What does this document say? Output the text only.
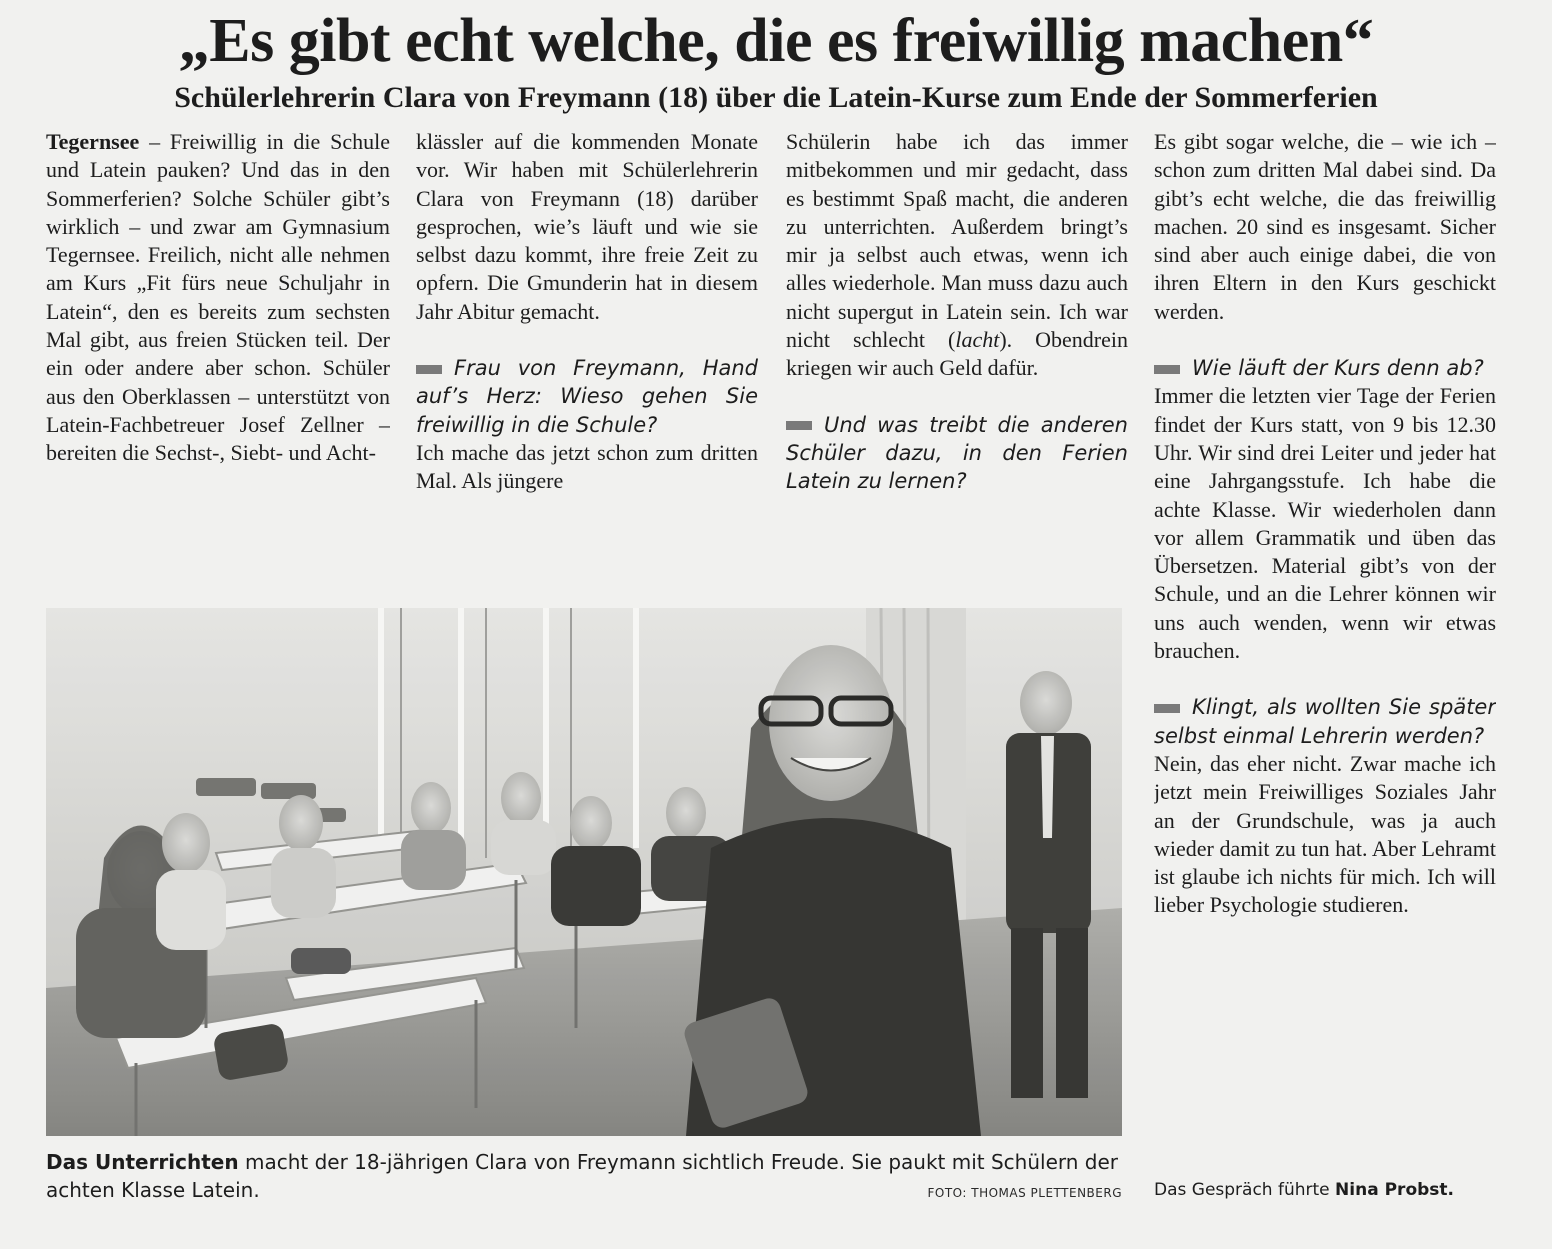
„Es gibt echt welche, die es freiwillig machen“
Schülerlehrerin Clara von Freymann (18) über die Latein-Kurse zum Ende der Sommerferien

Tegernsee – Freiwillig in die Schule und Latein pauken? Und das in den Sommerferien? Solche Schüler gibt’s wirklich – und zwar am Gymnasium Tegernsee. Freilich, nicht alle nehmen am Kurs „Fit fürs neue Schuljahr in Latein“, den es bereits zum sechsten Mal gibt, aus freien Stücken teil. Der ein oder andere aber schon. Schüler aus den Oberklassen – unterstützt von Latein-Fachbetreuer Josef Zellner – bereiten die Sechst-, Siebt- und Acht-

klässler auf die kommenden Monate vor. Wir haben mit Schülerlehrerin Clara von Freymann (18) darüber gesprochen, wie’s läuft und wie sie selbst dazu kommt, ihre freie Zeit zu opfern. Die Gmunderin hat in diesem Jahr Abitur gemacht.

Frau von Freymann, Hand auf’s Herz: Wieso gehen Sie freiwillig in die Schule?

Ich mache das jetzt schon zum dritten Mal. Als jüngere

Schülerin habe ich das immer mitbekommen und mir gedacht, dass es bestimmt Spaß macht, die anderen zu unterrichten. Außerdem bringt’s mir ja selbst auch etwas, wenn ich alles wiederhole. Man muss dazu auch nicht supergut in Latein sein. Ich war nicht schlecht (lacht). Obendrein kriegen wir auch Geld dafür.

Und was treibt die anderen Schüler dazu, in den Ferien Latein zu lernen?

Es gibt sogar welche, die – wie ich – schon zum dritten Mal dabei sind. Da gibt’s echt welche, die das freiwillig machen. 20 sind es insgesamt. Sicher sind aber auch einige dabei, die von ihren Eltern in den Kurs geschickt werden.

Wie läuft der Kurs denn ab?

Immer die letzten vier Tage der Ferien findet der Kurs statt, von 9 bis 12.30 Uhr. Wir sind drei Leiter und jeder hat eine Jahrgangsstufe. Ich habe die achte Klasse. Wir wiederholen dann vor allem Grammatik und üben das Übersetzen. Material gibt’s von der Schule, und an die Lehrer können wir uns auch wenden, wenn wir etwas brauchen.

Klingt, als wollten Sie später selbst einmal Lehrerin werden?

Nein, das eher nicht. Zwar mache ich jetzt mein Freiwilliges Soziales Jahr an der Grundschule, was ja auch wieder damit zu tun hat. Aber Lehramt ist glaube ich nichts für mich. Ich will lieber Psychologie studieren.

Das Unterrichten macht der 18-jährigen Clara von Freymann sichtlich Freude. Sie paukt mit Schülern der achten Klasse Latein.	FOTO: THOMAS PLETTENBERG Das Gespräch führte Nina Probst.
